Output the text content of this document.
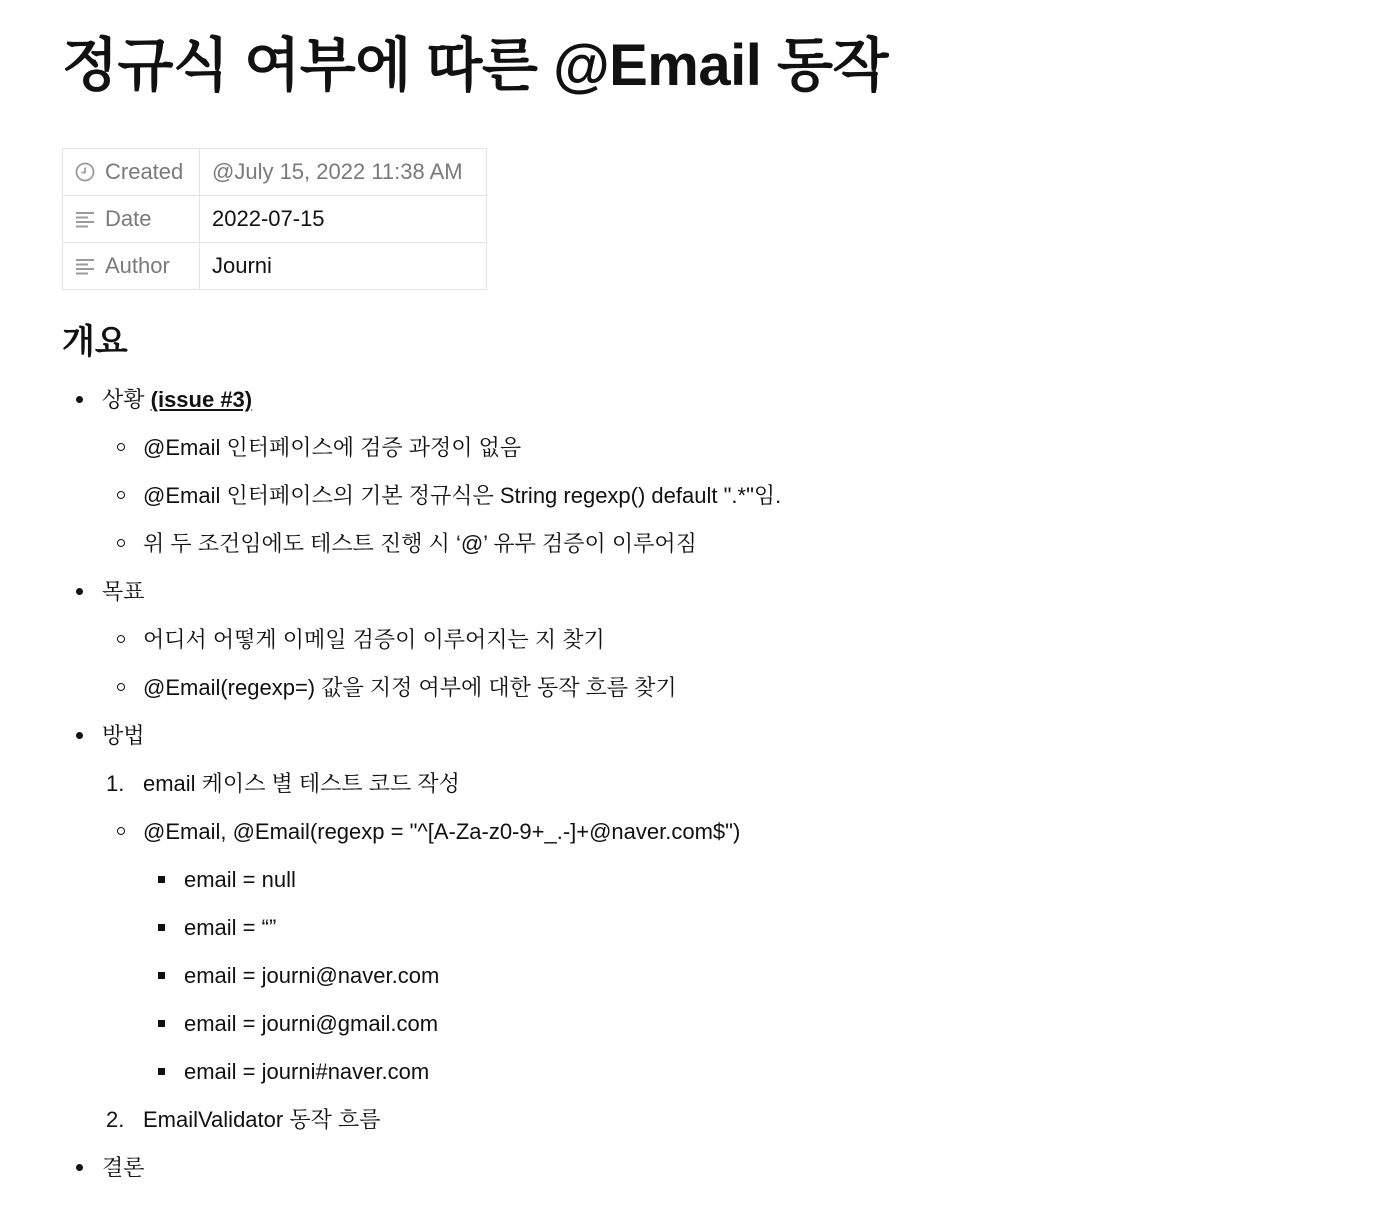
정규식 여부에 따른 @Email 동작
Created	@July 15, 2022 11:38 AM

Date	2022-07-15

Author	Journi
개요
상황 (issue #3)
@Email 인터페이스에 검증 과정이 없음
@Email 인터페이스의 기본 정규식은 String regexp() default ".*"임.
위 두 조건임에도 테스트 진행 시 ‘@’ 유무 검증이 이루어짐
목표
어디서 어떻게 이메일 검증이 이루어지는 지 찾기
@Email(regexp=) 값을 지정 여부에 대한 동작 흐름 찾기
방법
1. email 케이스 별 테스트 코드 작성
@Email, @Email(regexp = "^[A-Za-z0-9+_.-]+@naver.com$")
email = null
email = “”
email = journi@naver.com
email = journi@gmail.com
email = journi#naver.com
2. EmailValidator 동작 흐름
결론
